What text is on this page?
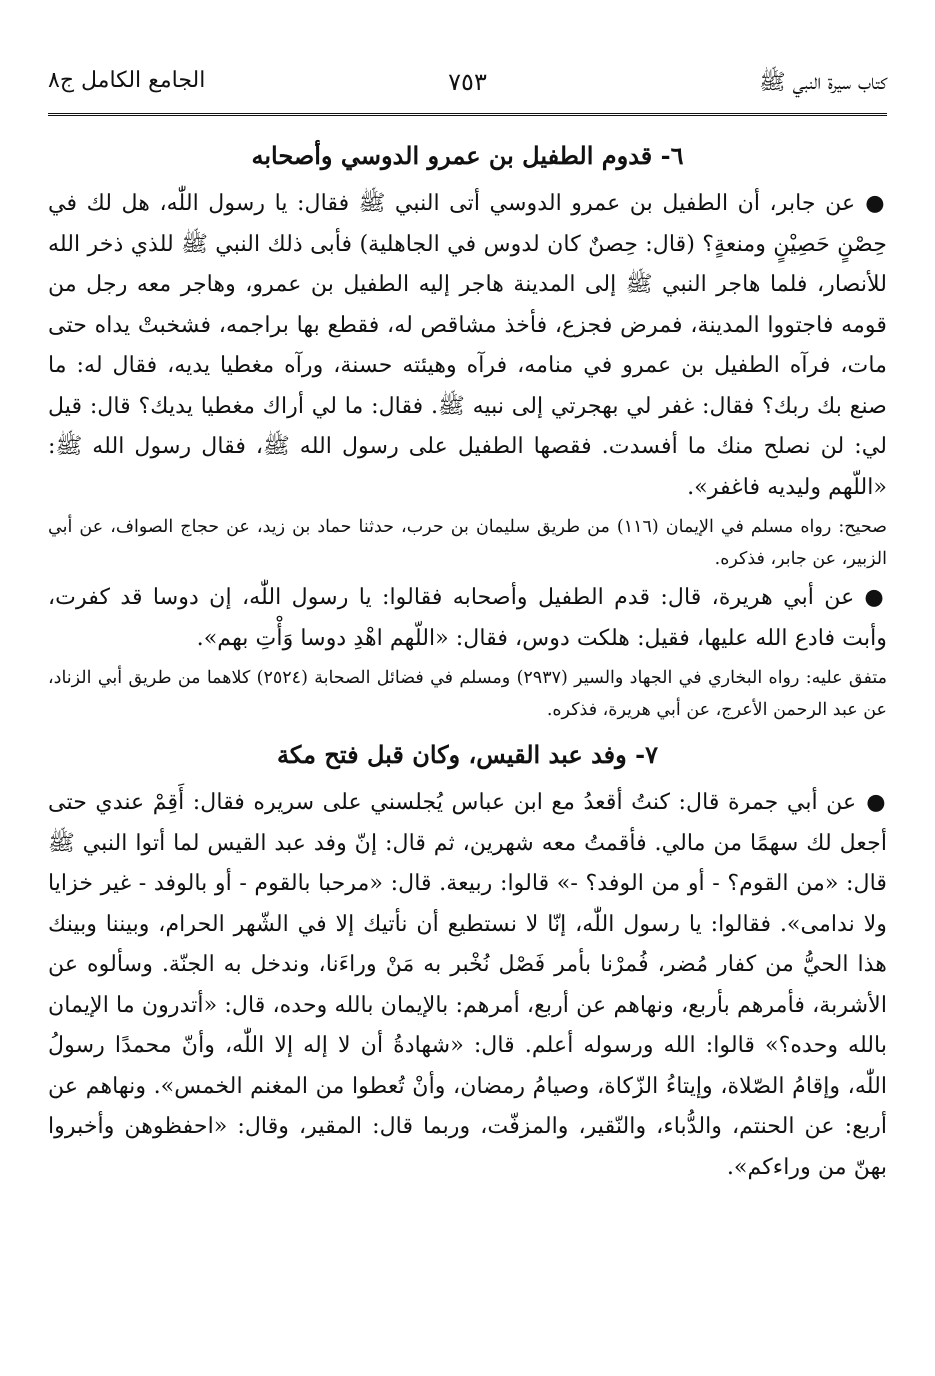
كتاب سيرة النبي ﷺ
٧٥٣
الجامع الكامل ج٨
٦- قدوم الطفيل بن عمرو الدوسي وأصحابه

●عن جابر، أن الطفيل بن عمرو الدوسي أتى النبي ﷺ فقال: يا رسول اللّٰه، هل لك في حِصْنٍ حَصِيْنٍ ومنعةٍ؟ (قال: حِصنٌ كان لدوس في الجاهلية) فأبى ذلك النبي ﷺ للذي ذخر الله للأنصار، فلما هاجر النبي ﷺ إلى المدينة هاجر إليه الطفيل بن عمرو، وهاجر معه رجل من قومه فاجتووا المدينة، فمرض فجزع، فأخذ مشاقص له، فقطع بها براجمه، فشخبتْ يداه حتى مات، فرآه الطفيل بن عمرو في منامه، فرآه وهيئته حسنة، ورآه مغطيا يديه، فقال له: ما صنع بك ربك؟ فقال: غفر لي بهجرتي إلى نبيه ﷺ. فقال: ما لي أراك مغطيا يديك؟ قال: قيل لي: لن نصلح منك ما أفسدت. فقصها الطفيل على رسول الله ﷺ، فقال رسول الله ﷺ: «اللّهم وليديه فاغفر».

صحيح: رواه مسلم في الإيمان (١١٦) من طريق سليمان بن حرب، حدثنا حماد بن زيد، عن حجاج الصواف، عن أبي الزبير، عن جابر، فذكره.

●عن أبي هريرة، قال: قدم الطفيل وأصحابه فقالوا: يا رسول اللّٰه، إن دوسا قد كفرت، وأبت فادع الله عليها، فقيل: هلكت دوس، فقال: «اللّهم اهْدِ دوسا وَأْتِ بهم».

متفق عليه: رواه البخاري في الجهاد والسير (٢٩٣٧) ومسلم في فضائل الصحابة (٢٥٢٤) كلاهما من طريق أبي الزناد، عن عبد الرحمن الأعرج، عن أبي هريرة، فذكره.

٧- وفد عبد القيس، وكان قبل فتح مكة

●عن أبي جمرة قال: كنتُ أقعدُ مع ابن عباس يُجلسني على سريره فقال: أَقِمْ عندي حتى أجعل لك سهمًا من مالي. فأقمتُ معه شهرين، ثم قال: إنّ وفد عبد القيس لما أتوا النبي ﷺ قال: «من القوم؟ - أو من الوفد؟ -» قالوا: ربيعة. قال: «مرحبا بالقوم - أو بالوفد - غير خزايا ولا ندامى». فقالوا: يا رسول اللّٰه، إنّا لا نستطيع أن نأتيك إلا في الشّهر الحرام، وبيننا وبينك هذا الحيُّ من كفار مُضر، فُمرْنا بأمر فَصْل نُخْبر به مَنْ وراءَنا، وندخل به الجنّة. وسألوه عن الأشربة، فأمرهم بأربع، ونهاهم عن أربع، أمرهم: بالإيمان بالله وحده، قال: «أتدرون ما الإيمان بالله وحده؟» قالوا: الله ورسوله أعلم. قال: «شهادةُ أن لا إله إلا اللّٰه، وأنّ محمدًا رسولُ اللّٰه، وإقامُ الصّلاة، وإيتاءُ الزّكاة، وصيامُ رمضان، وأنْ تُعطوا من المغنم الخمس». ونهاهم عن أربع: عن الحنتم، والدُّباء، والنّقير، والمزفّت، وربما قال: المقير، وقال: «احفظوهن وأخبروا بهنّ من وراءكم».
